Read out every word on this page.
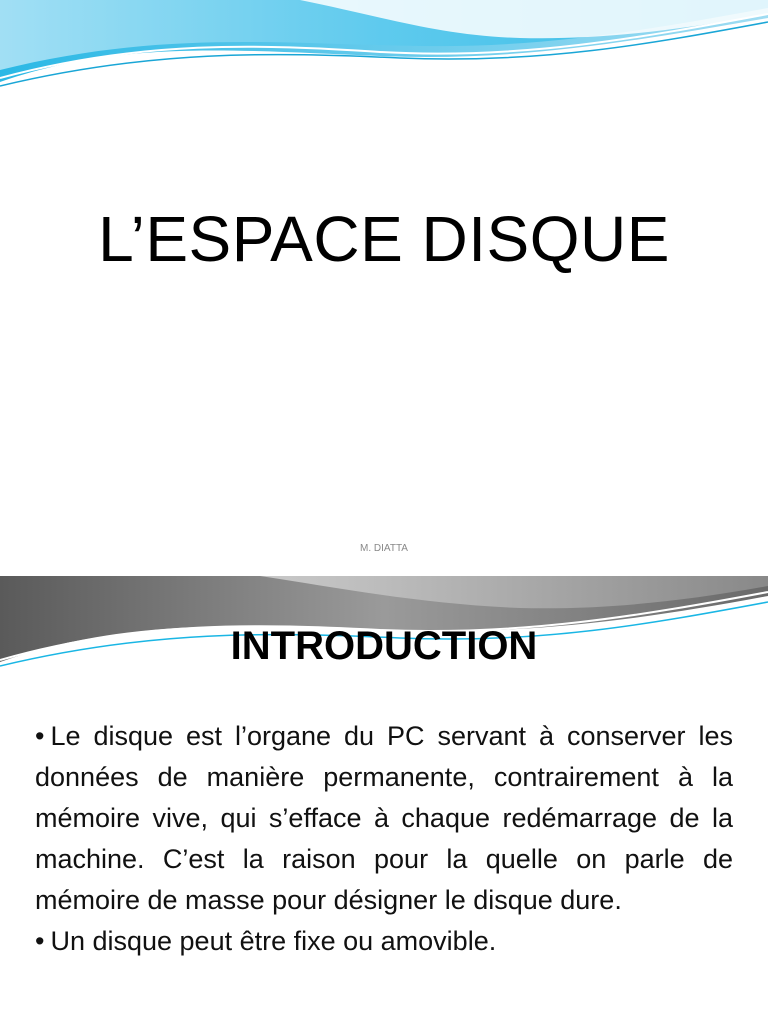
L’ESPACE DISQUE

M. DIATTA

INTRODUCTION

• Le disque est l’organe du PC servant à conserver les données de manière permanente, contrairement à la mémoire vive, qui s’efface à chaque redémarrage de la machine. C’est la raison pour la quelle on parle de mémoire de masse pour désigner le disque dure.

• Un disque peut être fixe ou amovible.
